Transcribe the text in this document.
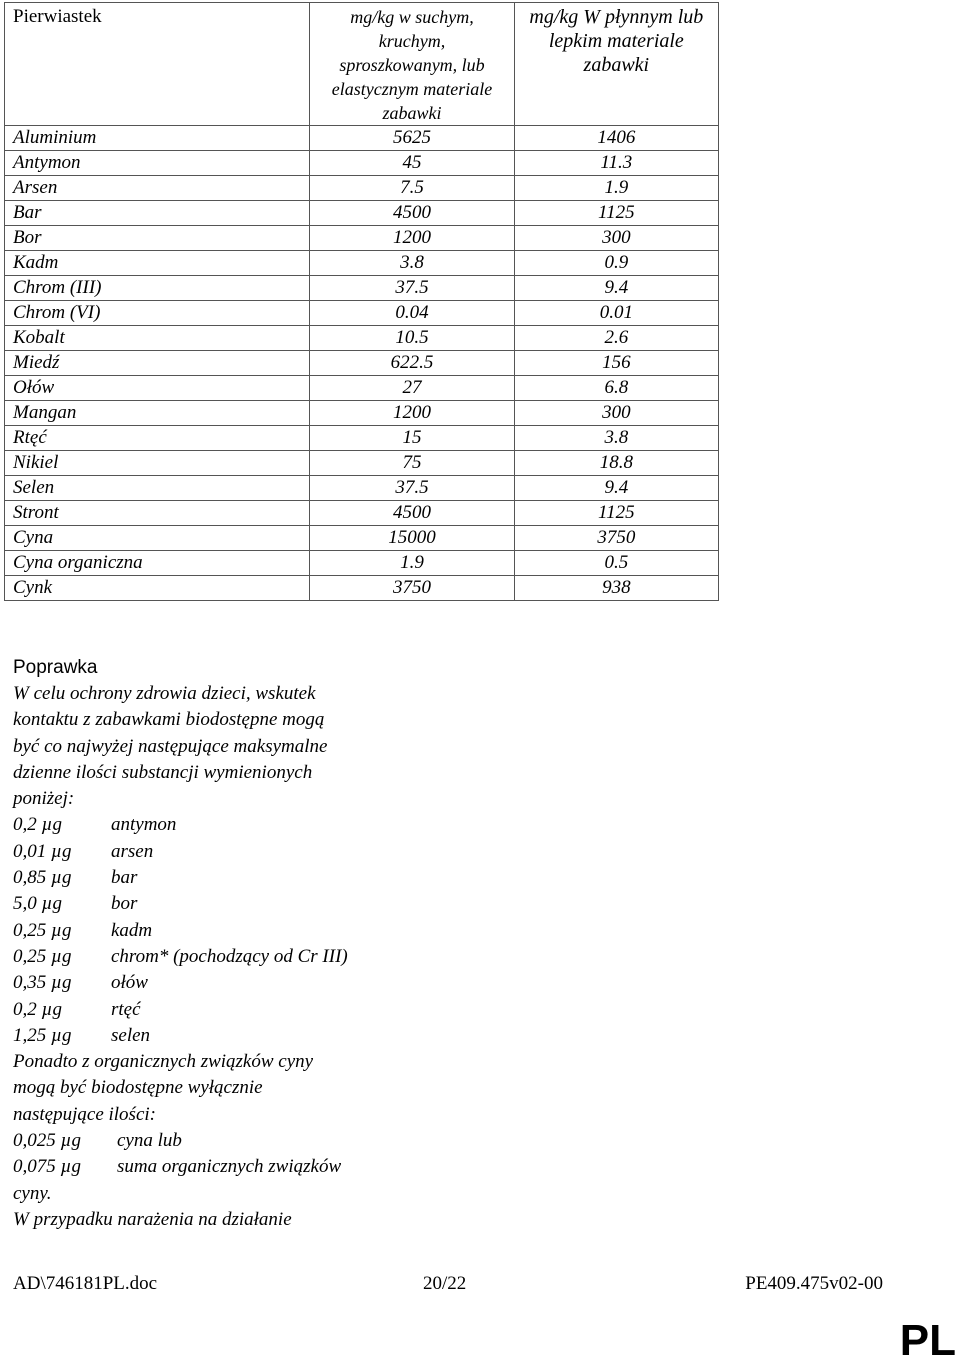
Pierwiastek	mg/kg w suchym, kruchym, sproszkowanym, lub elastycznym materiale zabawki	mg/kg W płynnym lub lepkim materiale zabawki
Aluminium	5625	1406
Antymon	45	11.3
Arsen	7.5	1.9
Bar	4500	1125
Bor	1200	300
Kadm	3.8	0.9
Chrom (III)	37.5	9.4
Chrom (VI)	0.04	0.01
Kobalt	10.5	2.6
Miedź	622.5	156
Ołów	27	6.8
Mangan	1200	300
Rtęć	15	3.8
Nikiel	75	18.8
Selen	37.5	9.4
Stront	4500	1125
Cyna	15000	3750
Cyna organiczna	1.9	0.5
Cynk	3750	938
Poprawka

W celu ochrony zdrowia dzieci, wskutek

kontaktu z zabawkami biodostępne mogą

być co najwyżej następujące maksymalne

dzienne ilości substancji wymienionych

poniżej:

0,2 µg	antymon
0,01 µg	arsen
0,85 µg	bar
5,0 µg	bor
0,25 µg	kadm
0,25 µg	chrom* (pochodzący od Cr III)
0,35 µg	ołów
0,2 µg	rtęć
1,25 µg	selen

Ponadto z organicznych związków cyny

mogą być biodostępne wyłącznie

następujące ilości:

0,025 µg	cyna lub
0,075 µg	suma organicznych związków

cyny.

W przypadku narażenia na działanie

AD\746181PL.doc	20/22	PE409.475v02-00
PL
